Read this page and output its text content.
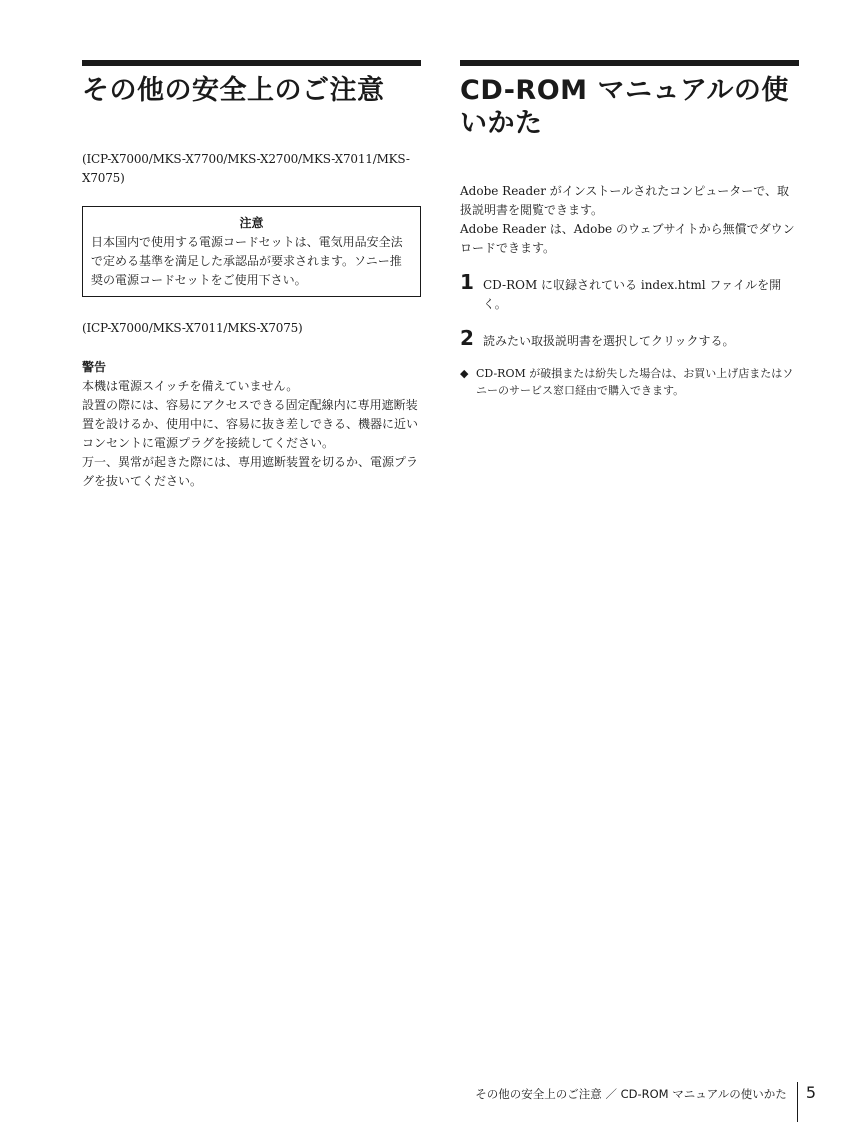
その他の安全上のご注意

(ICP-X7000/MKS-X7700/MKS-X2700/MKS-X7011/MKS-X7075)

注意

日本国内で使用する電源コードセットは、電気用品安全法で定める基準を満足した承認品が要求されます。ソニー推奨の電源コードセットをご使用下さい。

(ICP-X7000/MKS-X7011/MKS-X7075)

警告

本機は電源スイッチを備えていません。

設置の際には、容易にアクセスできる固定配線内に専用遮断装置を設けるか、使用中に、容易に抜き差しできる、機器に近いコンセントに電源プラグを接続してください。

万一、異常が起きた際には、専用遮断装置を切るか、電源プラグを抜いてください。

CD-ROM マニュアルの使いかた

Adobe Reader がインストールされたコンピューターで、取扱説明書を閲覧できます。

Adobe Reader は、Adobe のウェブサイトから無償でダウンロードできます。

1 CD-ROM に収録されている index.html ファイルを開く。
2 読みたい取扱説明書を選択してクリックする。
◆ CD-ROM が破損または紛失した場合は、お買い上げ店またはソニーのサービス窓口経由で購入できます。
その他の安全上のご注意 ／ CD-ROM マニュアルの使いかた 5
